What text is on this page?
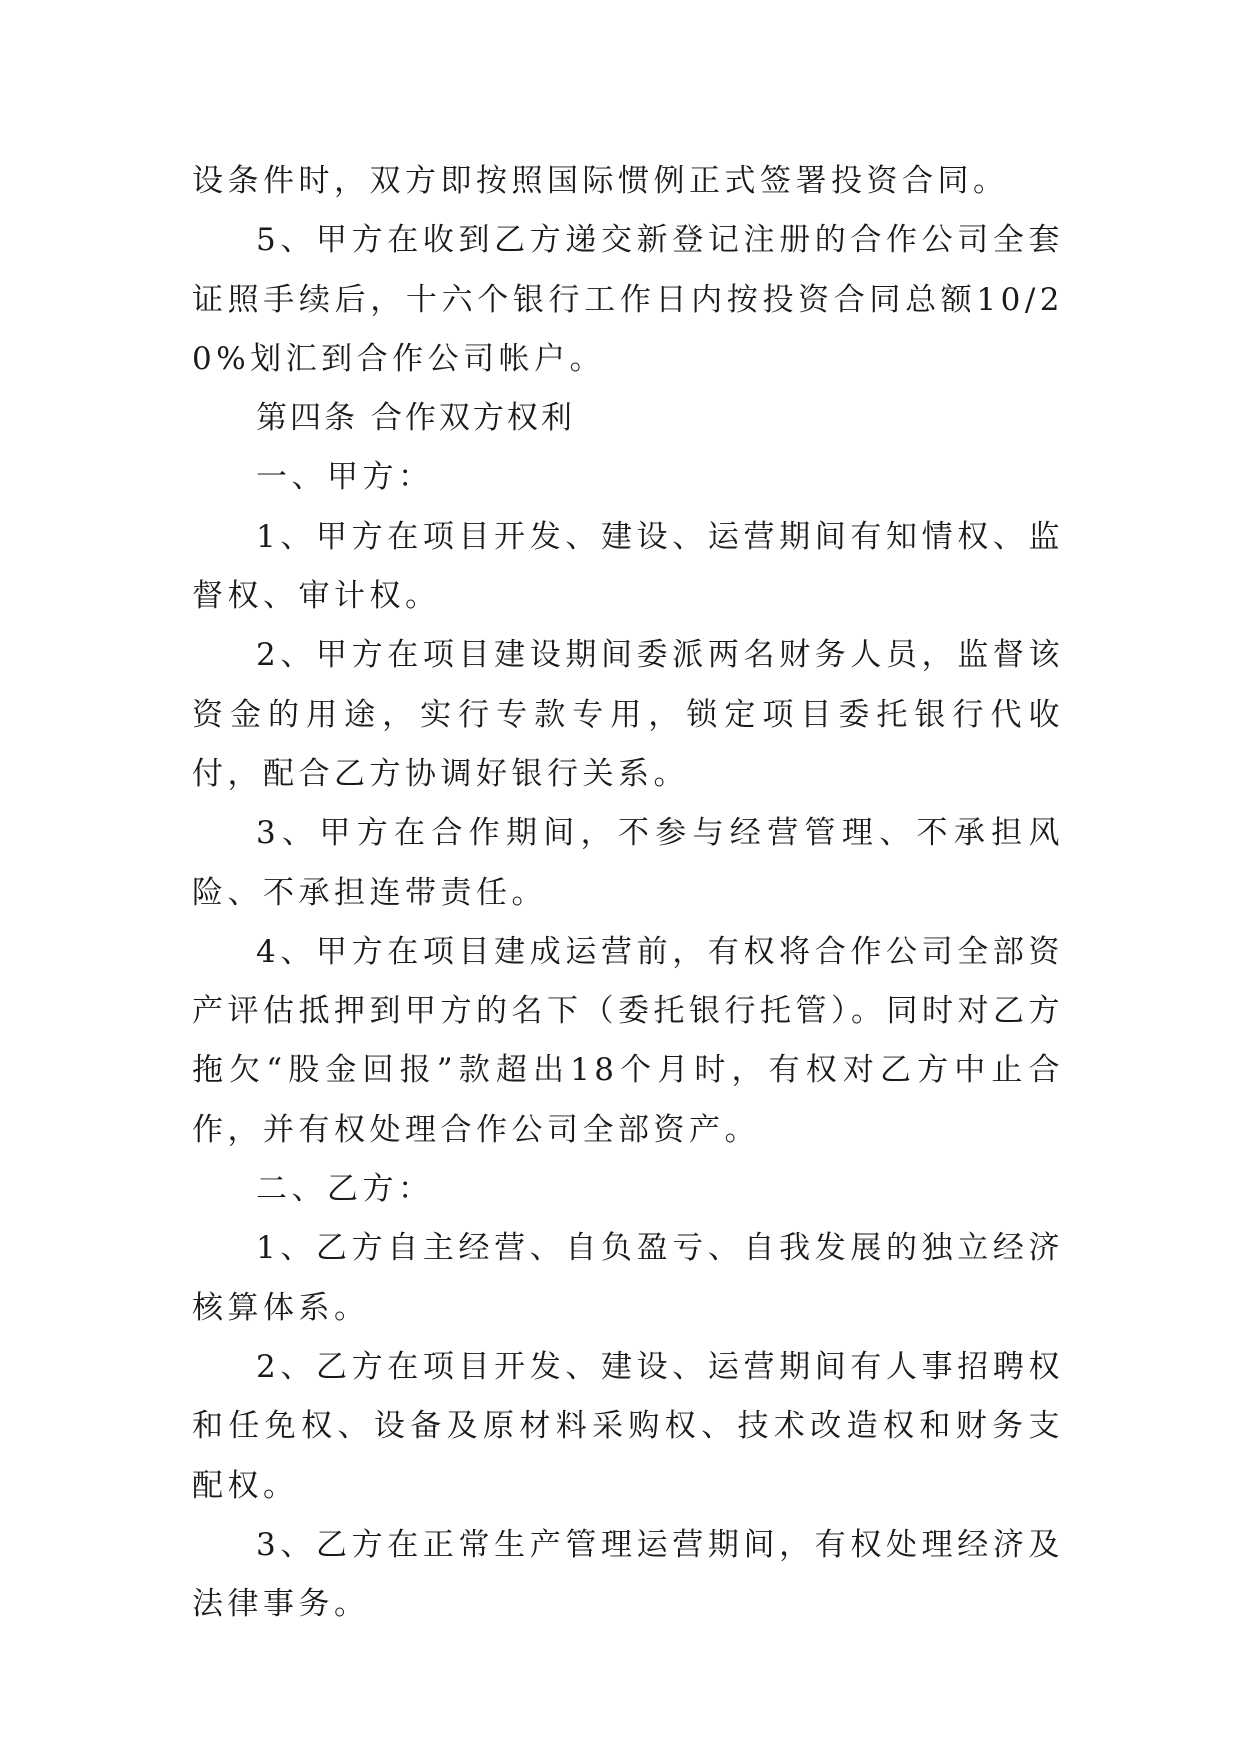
设条件时，双方即按照国际惯例正式签署投资合同。

5、甲方在收到乙方递交新登记注册的合作公司全套证照手续后，十六个银行工作日内按投资合同总额10/20%划汇到合作公司帐户。

第四条 合作双方权利

一、甲方：

1、甲方在项目开发、建设、运营期间有知情权、监督权、审计权。

2、甲方在项目建设期间委派两名财务人员，监督该资金的用途，实行专款专用，锁定项目委托银行代收付，配合乙方协调好银行关系。

3、甲方在合作期间，不参与经营管理、不承担风险、不承担连带责任。

4、甲方在项目建成运营前，有权将合作公司全部资产评估抵押到甲方的名下（委托银行托管）。同时对乙方拖欠“股金回报”款超出18个月时，有权对乙方中止合作，并有权处理合作公司全部资产。

二、乙方：

1、乙方自主经营、自负盈亏、自我发展的独立经济核算体系。

2、乙方在项目开发、建设、运营期间有人事招聘权和任免权、设备及原材料采购权、技术改造权和财务支配权。

3、乙方在正常生产管理运营期间，有权处理经济及法律事务。
